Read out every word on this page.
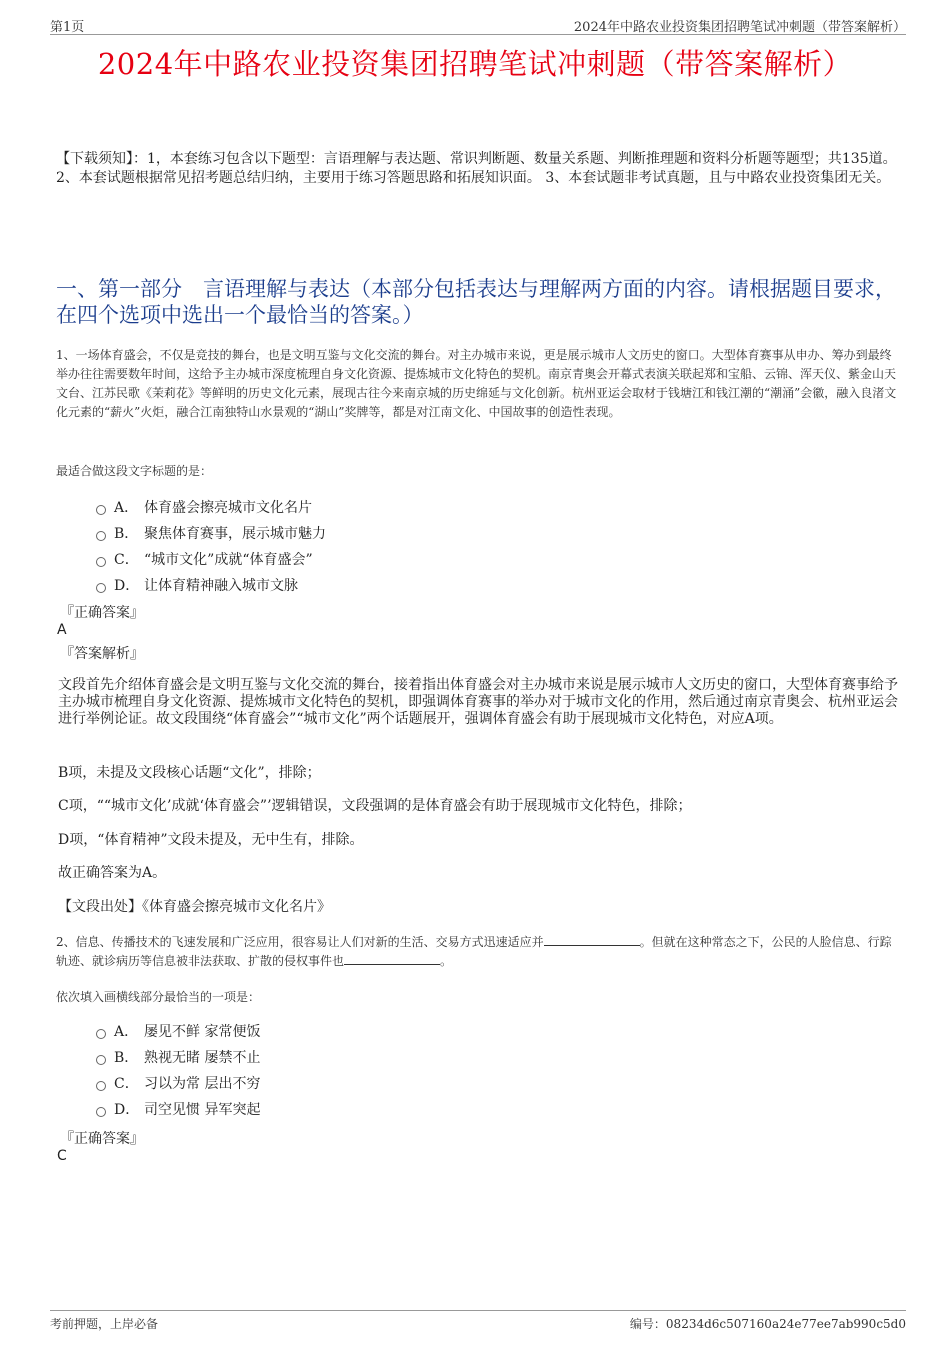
第1页	2024年中路农业投资集团招聘笔试冲刺题（带答案解析）
2024年中路农业投资集团招聘笔试冲刺题（带答案解析）
【下载须知】：1，本套练习包含以下题型：言语理解与表达题、常识判断题、数量关系题、判断推理题和资料分析题等题型；共135道。 2、本套试题根据常见招考题总结归纳，主要用于练习答题思路和拓展知识面。 3、本套试题非考试真题，且与中路农业投资集团无关。
一、第一部分　言语理解与表达（本部分包括表达与理解两方面的内容。请根据题目要求，在四个选项中选出一个最恰当的答案。）
1、一场体育盛会，不仅是竞技的舞台，也是文明互鉴与文化交流的舞台。对主办城市来说，更是展示城市人文历史的窗口。大型体育赛事从申办、筹办到最终举办往往需要数年时间，这给予主办城市深度梳理自身文化资源、提炼城市文化特色的契机。南京青奥会开幕式表演关联起郑和宝船、云锦、浑天仪、紫金山天文台、江苏民歌《茉莉花》等鲜明的历史文化元素，展现古往今来南京城的历史绵延与文化创新。杭州亚运会取材于钱塘江和钱江潮的“潮涌”会徽，融入良渚文化元素的“薪火”火炬，融合江南独特山水景观的“湖山”奖牌等，都是对江南文化、中国故事的创造性表现。
最适合做这段文字标题的是：
A． 体育盛会擦亮城市文化名片
B． 聚焦体育赛事，展示城市魅力
C． “城市文化”成就“体育盛会”
D． 让体育精神融入城市文脉
『正确答案』
A
『答案解析』
文段首先介绍体育盛会是文明互鉴与文化交流的舞台，接着指出体育盛会对主办城市来说是展示城市人文历史的窗口，大型体育赛事给予主办城市梳理自身文化资源、提炼城市文化特色的契机，即强调体育赛事的举办对于城市文化的作用，然后通过南京青奥会、杭州亚运会进行举例论证。故文段围绕“体育盛会”“城市文化”两个话题展开，强调体育盛会有助于展现城市文化特色，对应A项。
B项，未提及文段核心话题“文化”，排除；
C项，““城市文化’成就‘体育盛会”’逻辑错误，文段强调的是体育盛会有助于展现城市文化特色，排除；
D项，“体育精神”文段未提及，无中生有，排除。
故正确答案为A。
【文段出处】《体育盛会擦亮城市文化名片》
2、信息、传播技术的飞速发展和广泛应用，很容易让人们对新的生活、交易方式迅速适应并	。但就在这种常态之下，公民的人脸信息、行踪轨迹、就诊病历等信息被非法获取、扩散的侵权事件也	。
依次填入画横线部分最恰当的一项是：
A． 屡见不鲜 家常便饭
B． 熟视无睹 屡禁不止
C． 习以为常 层出不穷
D． 司空见惯 异军突起
『正确答案』
C
考前押题，上岸必备	编号：08234d6c507160a24e77ee7ab990c5d0
